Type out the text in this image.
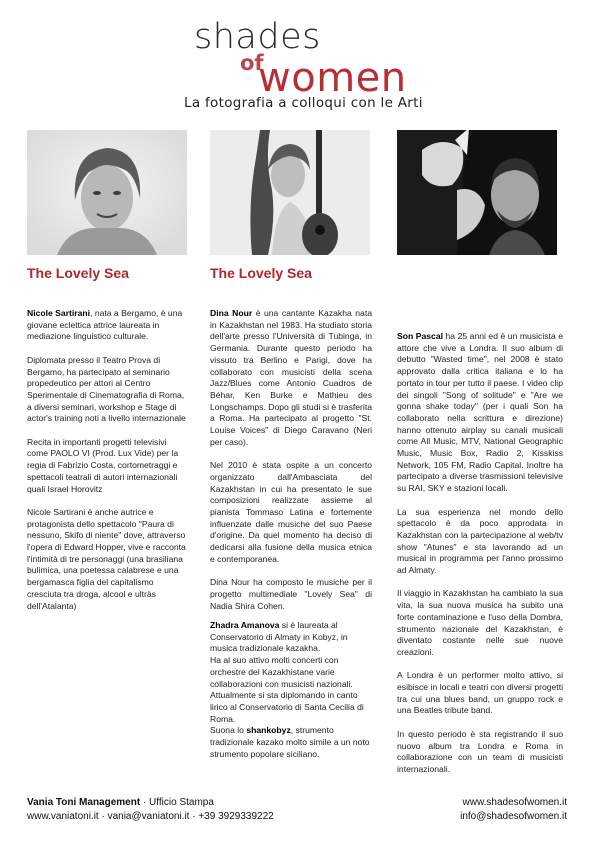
shades
of
women
La fotografia a colloqui con le Arti
The Lovely Sea	The Lovely Sea

Nicole Sartirani, nata a Bergamo, è una giovane eclettica attrice laureata in mediazione linguistico culturale.

Diplomata presso il Teatro Prova di Bergamo, ha partecipato al seminario propedeutico per attori al Centro Sperimentale di Cinematografia di Roma, a diversi seminari, workshop e Stage di actor's training noti a livello internazionale

Recita in importanti progetti televisivi come PAOLO VI (Prod. Lux Vide) per la regia di Fabrizio Costa, cortometraggi e spettacoli teatrali di autori internazionali quali Israel Horovitz

Nicole Sartirani è anche autrice e protagonista dello spettacolo "Paura di nessuno, Skifo di niente" dove, attraverso l'opera di Edward Hopper, vive e racconta l'intimità di tre personaggi (una brasiliana bulimica, una poetessa calabrese e una bergamasca figlia del capitalismo cresciuta tra droga, alcool e ultràs dell'Atalanta)

Dina Nour è una cantante Kazakha nata in Kazakhstan nel 1983. Ha studiato storia dell'arte presso l'Università di Tubinga, in Germania. Durante questo periodo ha vissuto tra Berlino e Parigi, dove ha collaborato con musicisti della scena Jazz/Blues come Antonio Cuadros de Béhar, Ken Burke e Mathieu des Longschamps. Dopo gli studi si è trasferita a Roma. Ha partecipato al progetto "St. Louise Voices" di Diego Caravano (Neri per caso).

Nel 2010 è stata ospite a un concerto organizzato dall'Ambasciata del Kazakhstan in cui ha presentato le sue composizioni realizzate assieme al pianista Tommaso Latina e fortemente influenzate dalle musiche del suo Paese d'origine. Da quel momento ha deciso di dedicarsi alla fusione della musica etnica e contemporanea.

Dina Nour ha composto le musiche per il progetto multimediale "Lovely Sea" di Nadia Shira Cohen.

Zhadra Amanova si è laureata al Conservatorio di Almaty in Kobyz, in musica tradizionale kazakha.
Ha al suo attivo molti concerti con orchestre del Kazakhistane varie collaborazioni con musicisti nazionali.
Attualmente si sta diplomando in canto lirico al Conservatorio di Santa Cecilia di Roma.
Suona lo shankobyz, strumento tradizionale kazako molto simile a un noto strumento popolare siciliano.

Son Pascal ha 25 anni ed è un musicista e attore che vive a Londra. Il suo album di debutto "Wasted time", nel 2008 è stato approvato dalla critica italiana e lo ha portato in tour per tutto il paese. I video clip dei singoli "Song of solitude" e "Are we gonna shake today" (per i quali Son ha collaborato nella scrittura e direzione) hanno ottenuto airplay su canali musicali come All Music, MTV, National Geographic Music, Music Box, Radio 2, Kisskiss Network, 105 FM, Radio Capital. Inoltre ha partecipato a diverse trasmissioni televisive su RAI, SKY e stazioni locali.

La sua esperienza nel mondo dello spettacolo è da poco approdata in Kazakhstan con la partecipazione al web/tv show "Atunes" e sta lavorando ad un musical in programma per l'anno prossimo ad Almaty.

Il viaggio in Kazakhstan ha cambiato la sua vita, la sua nuova musica ha subito una forte contaminazione e l'uso della Dombra, strumento nazionale del Kazakhstan, è diventato costante nelle sue nuove creazioni.

A Londra è un performer molto attivo, si esibisce in locali e teatri con diversi progetti tra cui una blues band, un gruppo rock e una Beatles tribute band.

In questo periodo è sta registrando il suo nuovo album tra Londra e Roma in collaborazione con un team di musicisti internazionali.

Vania Toni Management · Ufficio Stampa
www.vaniatoni.it · vania@vaniatoni.it · +39 3929339222
www.shadesofwomen.it
info@shadesofwomen.it
